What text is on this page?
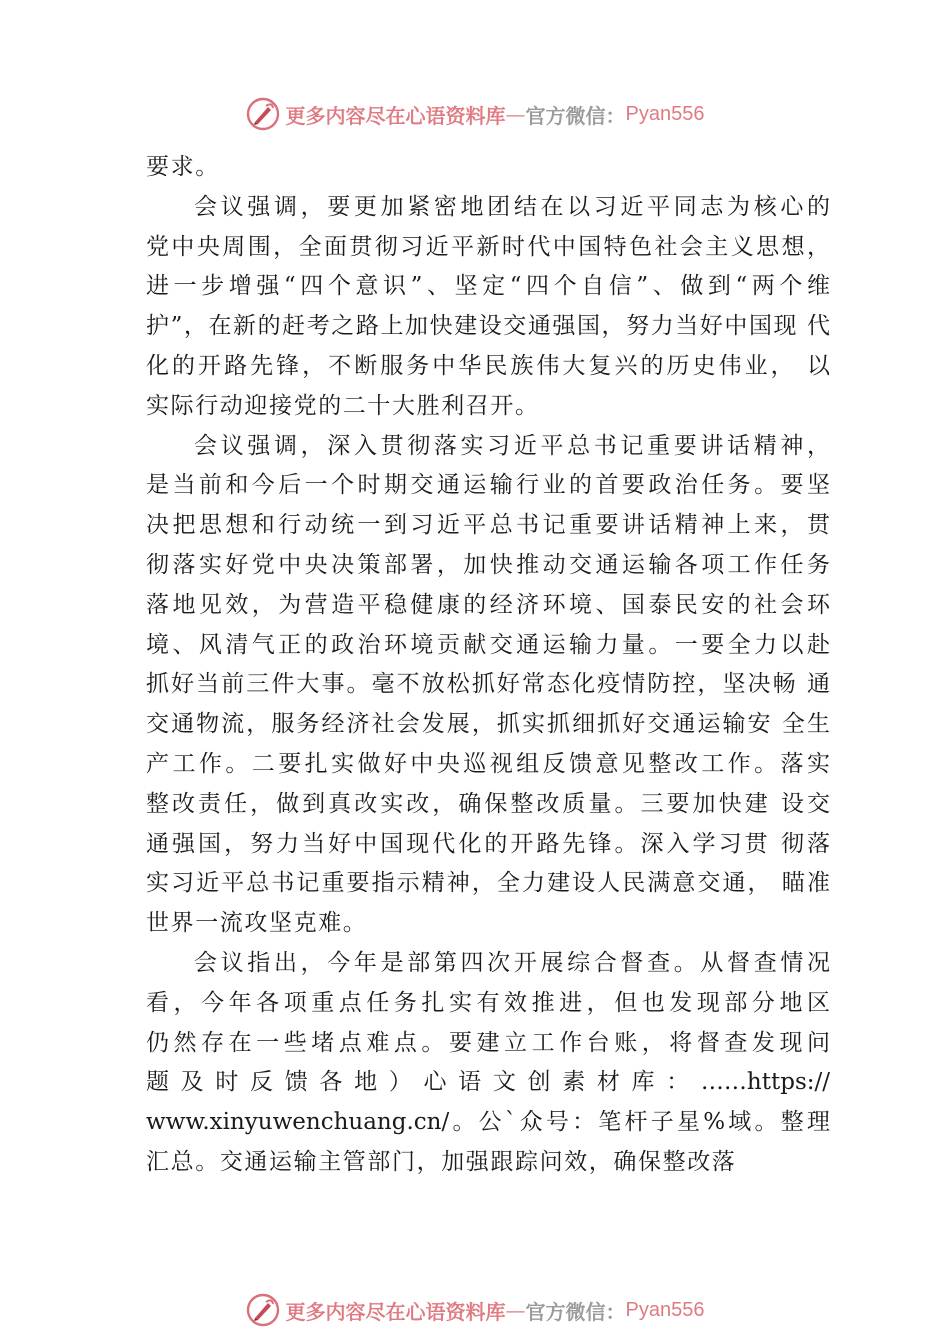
更多内容尽在心语资料库 — 官方微信： Pyan556
要求。
会议强调，要更加紧密地团结在以习近平同志为核心的
党中央周围，全面贯彻习近平新时代中国特色社会主义思想，
进一步增强“四个意识”、坚定“四个自信”、做到“两个维
护”，在新的赶考之路上加快建设交通强国，努力当好中国现 代
化的开路先锋，不断服务中华民族伟大复兴的历史伟业， 以
实际行动迎接党的二十大胜利召开。
会议强调，深入贯彻落实习近平总书记重要讲话精神，
是当前和今后一个时期交通运输行业的首要政治任务。要坚
决把思想和行动统一到习近平总书记重要讲话精神上来，贯
彻落实好党中央决策部署，加快推动交通运输各项工作任务
落地见效，为营造平稳健康的经济环境、国泰民安的社会环
境、风清气正的政治环境贡献交通运输力量。一要全力以赴
抓好当前三件大事。毫不放松抓好常态化疫情防控，坚决畅 通
交通物流，服务经济社会发展，抓实抓细抓好交通运输安 全生
产工作。二要扎实做好中央巡视组反馈意见整改工作。落实
整改责任，做到真改实改，确保整改质量。三要加快建 设交
通强国，努力当好中国现代化的开路先锋。深入学习贯 彻落
实习近平总书记重要指示精神，全力建设人民满意交通， 瞄准
世界一流攻坚克难。
会议指出，今年是部第四次开展综合督查。从督查情况
看，今年各项重点任务扎实有效推进，但也发现部分地区
仍然存在一些堵点难点。要建立工作台账，将督查发现问
题及时反馈各地）心语文创素材库：……https://
www.xinyuwenchuang.cn/。公`众号：笔杆子星%域。整理
汇总。交通运输主管部门，加强跟踪问效，确保整改落
更多内容尽在心语资料库 — 官方微信： Pyan556
